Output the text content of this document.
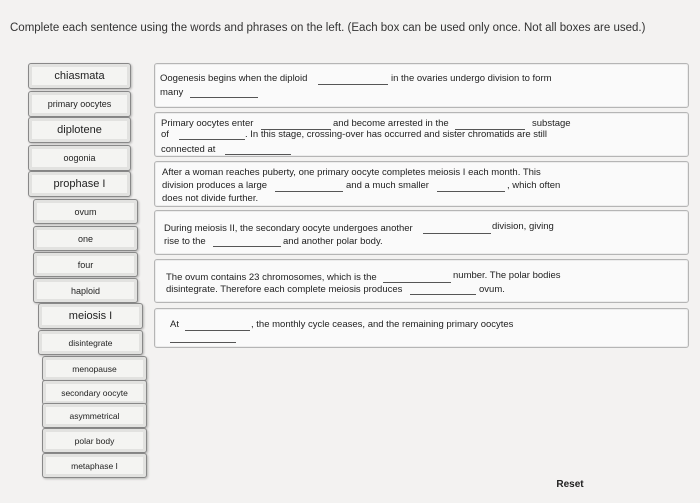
Complete each sentence using the words and phrases on the left. (Each box can be used only once. Not all boxes are used.)
chiasmata
primary oocytes
diplotene
oogonia
prophase I
ovum
one
four
haploid
meiosis I
disintegrate
menopause
secondary oocyte
asymmetrical
polar body
metaphase I
Oogenesis begins when the diploid	in the ovaries undergo division to form
many
Primary oocytes enter	and become arrested in the	substage
of	. In this stage, crossing-over has occurred and sister chromatids are still
connected at
After a woman reaches puberty, one primary oocyte completes meiosis I each month. This
division produces a large	and a much smaller	, which often
does not divide further.
During meiosis II, the secondary oocyte undergoes another	division, giving
rise to the	and another polar body.
The ovum contains 23 chromosomes, which is the	number. The polar bodies
disintegrate. Therefore each complete meiosis produces	ovum.
At	, the monthly cycle ceases, and the remaining primary oocytes
Reset
